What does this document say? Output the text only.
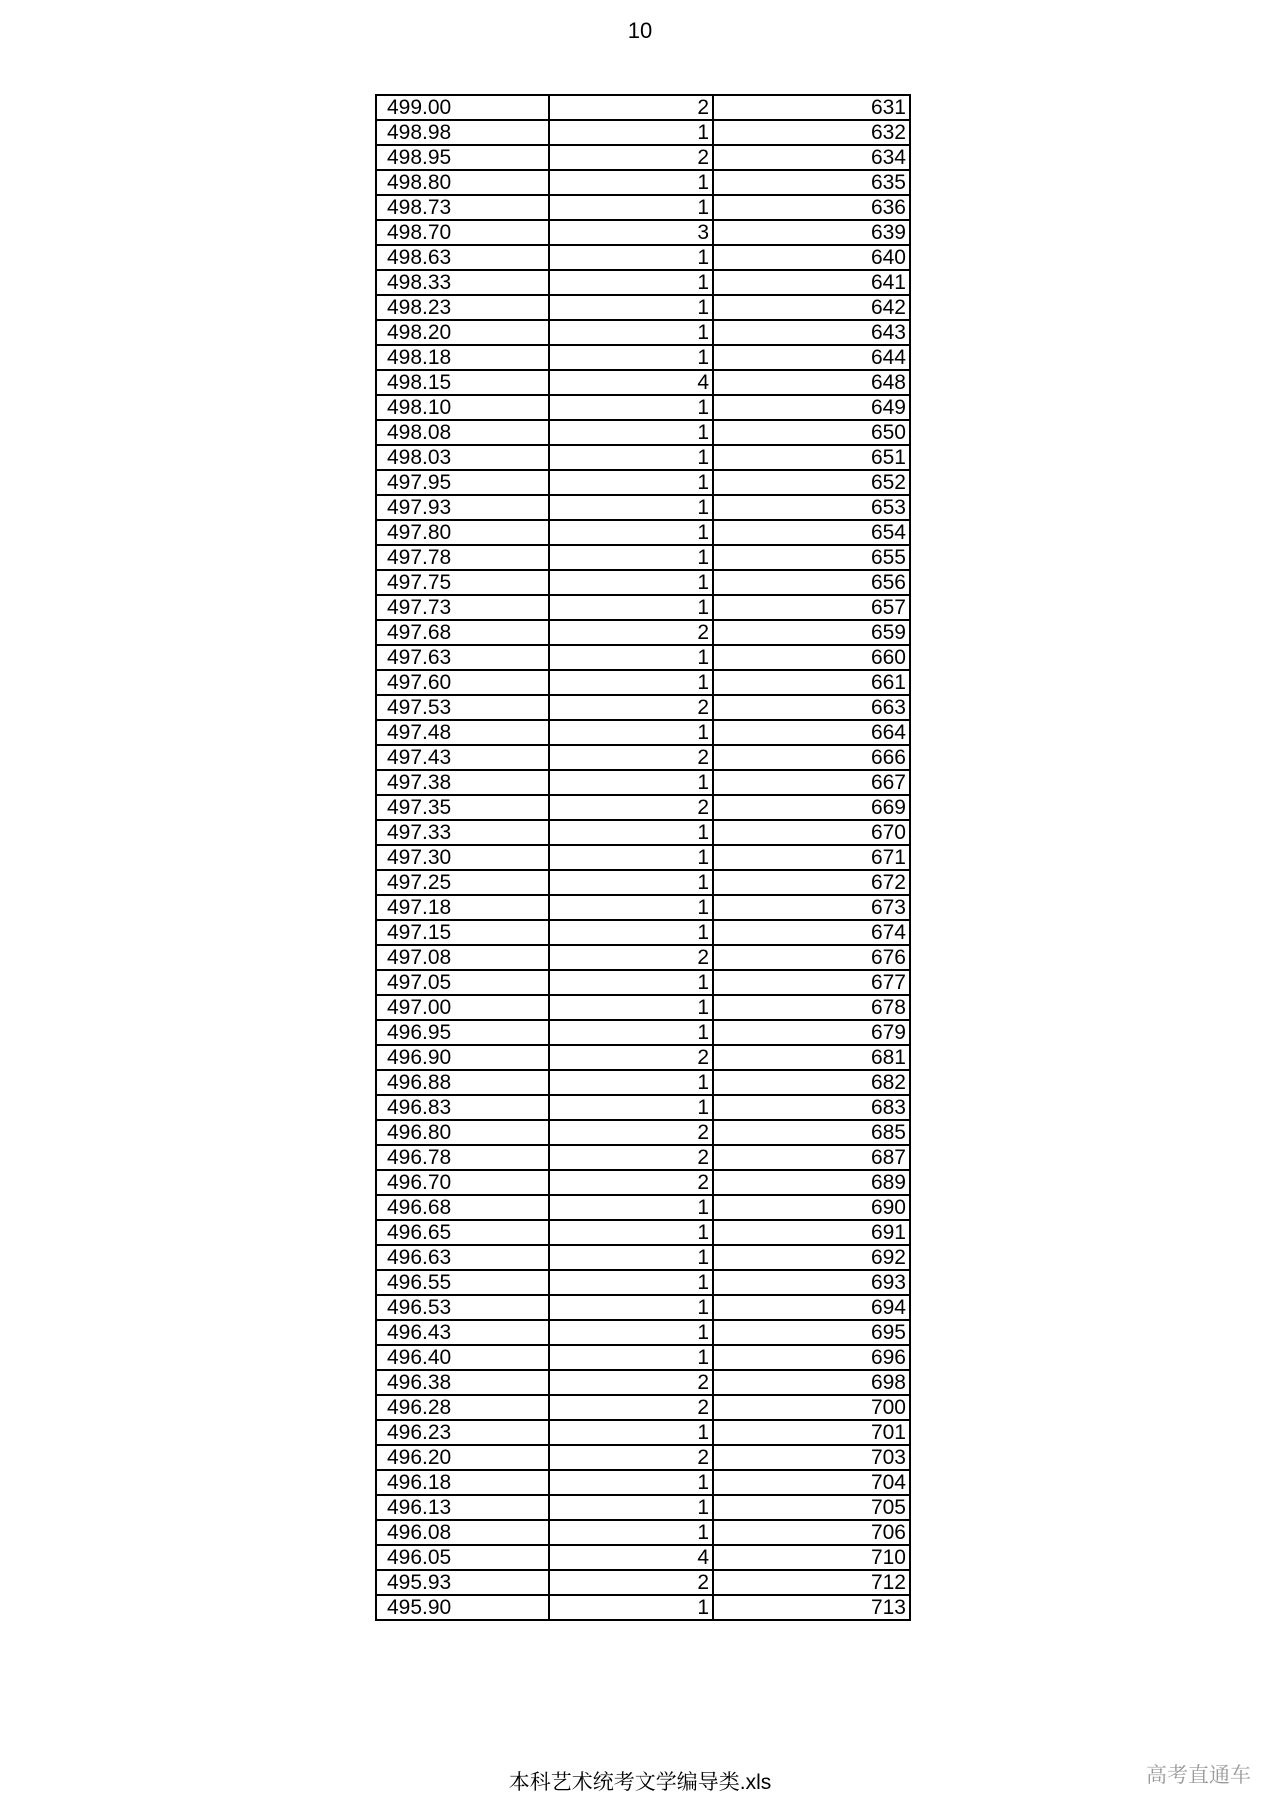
10
499.00	2	631
498.98	1	632
498.95	2	634
498.80	1	635
498.73	1	636
498.70	3	639
498.63	1	640
498.33	1	641
498.23	1	642
498.20	1	643
498.18	1	644
498.15	4	648
498.10	1	649
498.08	1	650
498.03	1	651
497.95	1	652
497.93	1	653
497.80	1	654
497.78	1	655
497.75	1	656
497.73	1	657
497.68	2	659
497.63	1	660
497.60	1	661
497.53	2	663
497.48	1	664
497.43	2	666
497.38	1	667
497.35	2	669
497.33	1	670
497.30	1	671
497.25	1	672
497.18	1	673
497.15	1	674
497.08	2	676
497.05	1	677
497.00	1	678
496.95	1	679
496.90	2	681
496.88	1	682
496.83	1	683
496.80	2	685
496.78	2	687
496.70	2	689
496.68	1	690
496.65	1	691
496.63	1	692
496.55	1	693
496.53	1	694
496.43	1	695
496.40	1	696
496.38	2	698
496.28	2	700
496.23	1	701
496.20	2	703
496.18	1	704
496.13	1	705
496.08	1	706
496.05	4	710
495.93	2	712
495.90	1	713
本科艺术统考文学编导类.xls	高考直通车
